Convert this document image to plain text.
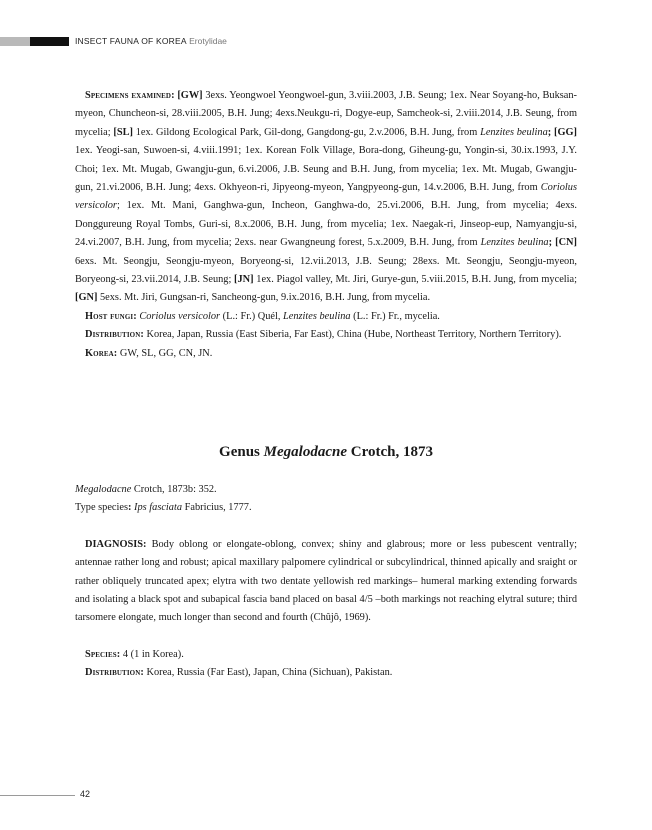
INSECT FAUNA OF KOREA Erotylidae

Specimens examined: [GW] 3exs. Yeongwoel Yeongwoel-gun, 3.viii.2003, J.B. Seung; 1ex. Near Soyang-ho, Buksan-myeon, Chuncheon-si, 28.viii.2005, B.H. Jung; 4exs.Neukgu-ri, Dogye-eup, Samcheok-si, 2.viii.2014, J.B. Seung, from mycelia; [SL] 1ex. Gildong Ecological Park, Gil-dong, Gangdong-gu, 2.v.2006, B.H. Jung, from Lenzites beulina; [GG] 1ex. Yeogi-san, Suwoen-si, 4.viii.1991; 1ex. Korean Folk Village, Bora-dong, Giheung-gu, Yongin-si, 30.ix.1993, J.Y. Choi; 1ex. Mt. Mugab, Gwangju-gun, 6.vi.2006, J.B. Seung and B.H. Jung, from mycelia; 1ex. Mt. Mugab, Gwangju-gun, 21.vi.2006, B.H. Jung; 4exs. Okhyeon-ri, Jipyeong-myeon, Yangpyeong-gun, 14.v.2006, B.H. Jung, from Coriolus versicolor; 1ex. Mt. Mani, Ganghwa-gun, Incheon, Ganghwa-do, 25.vi.2006, B.H. Jung, from mycelia; 4exs. Donggureung Royal Tombs, Guri-si, 8.x.2006, B.H. Jung, from mycelia; 1ex. Naegak-ri, Jinseop-eup, Namyangju-si, 24.vi.2007, B.H. Jung, from mycelia; 2exs. near Gwangneung forest, 5.x.2009, B.H. Jung, from Lenzites beulina; [CN] 6exs. Mt. Seongju, Seongju-myeon, Boryeong-si, 12.vii.2013, J.B. Seung; 28exs. Mt. Seongju, Seongju-myeon, Boryeong-si, 23.vii.2014, J.B. Seung; [JN] 1ex. Piagol valley, Mt. Jiri, Gurye-gun, 5.viii.2015, B.H. Jung, from mycelia; [GN] 5exs. Mt. Jiri, Gungsan-ri, Sancheong-gun, 9.ix.2016, B.H. Jung, from mycelia.

Host fungi: Coriolus versicolor (L.: Fr.) Quél, Lenzites beulina (L.: Fr.) Fr., mycelia.

Distribution: Korea, Japan, Russia (East Siberia, Far East), China (Hube, Northeast Territory, Northern Territory).

Korea: GW, SL, GG, CN, JN.

Genus Megalodacne Crotch, 1873

Megalodacne Crotch, 1873b: 352.

Type species: Ips fasciata Fabricius, 1777.

DIAGNOSIS: Body oblong or elongate-oblong, convex; shiny and glabrous; more or less pubescent ventrally; antennae rather long and robust; apical maxillary palpomere cylindrical or subcylindrical, thinned apically and sraight or rather obliquely truncated apex; elytra with two dentate yellowish red markings– humeral marking extending forwards and isolating a black spot and subapical fascia band placed on basal 4/5 –both markings not reaching elytral suture; third tarsomere elongate, much longer than second and fourth (Chûjô, 1969).

Species: 4 (1 in Korea).

Distribution: Korea, Russia (Far East), Japan, China (Sichuan), Pakistan.

42
